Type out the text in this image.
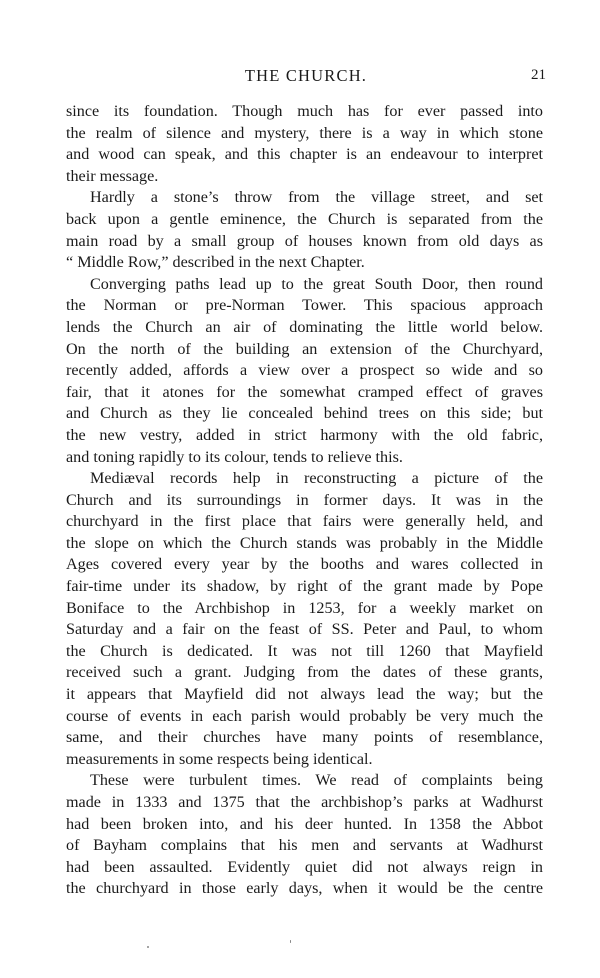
THE CHURCH.	21
since its foundation. Though much has for ever passed into
the realm of silence and mystery, there is a way in which stone
and wood can speak, and this chapter is an endeavour to interpret
their message.
Hardly a stone’s throw from the village street, and set
back upon a gentle eminence, the Church is separated from the
main road by a small group of houses known from old days as
“ Middle Row,” described in the next Chapter.
Converging paths lead up to the great South Door, then round
the Norman or pre-Norman Tower. This spacious approach
lends the Church an air of dominating the little world below.
On the north of the building an extension of the Churchyard,
recently added, affords a view over a prospect so wide and so
fair, that it atones for the somewhat cramped effect of graves
and Church as they lie concealed behind trees on this side; but
the new vestry, added in strict harmony with the old fabric,
and toning rapidly to its colour, tends to relieve this.
Mediæval records help in reconstructing a picture of the
Church and its surroundings in former days. It was in the
churchyard in the first place that fairs were generally held, and
the slope on which the Church stands was probably in the Middle
Ages covered every year by the booths and wares collected in
fair-time under its shadow, by right of the grant made by Pope
Boniface to the Archbishop in 1253, for a weekly market on
Saturday and a fair on the feast of SS. Peter and Paul, to whom
the Church is dedicated. It was not till 1260 that Mayfield
received such a grant. Judging from the dates of these grants,
it appears that Mayfield did not always lead the way; but the
course of events in each parish would probably be very much the
same, and their churches have many points of resemblance,
measurements in some respects being identical.
These were turbulent times. We read of complaints being
made in 1333 and 1375 that the archbishop’s parks at Wadhurst
had been broken into, and his deer hunted. In 1358 the Abbot
of Bayham complains that his men and servants at Wadhurst
had been assaulted. Evidently quiet did not always reign in
the churchyard in those early days, when it would be the centre
